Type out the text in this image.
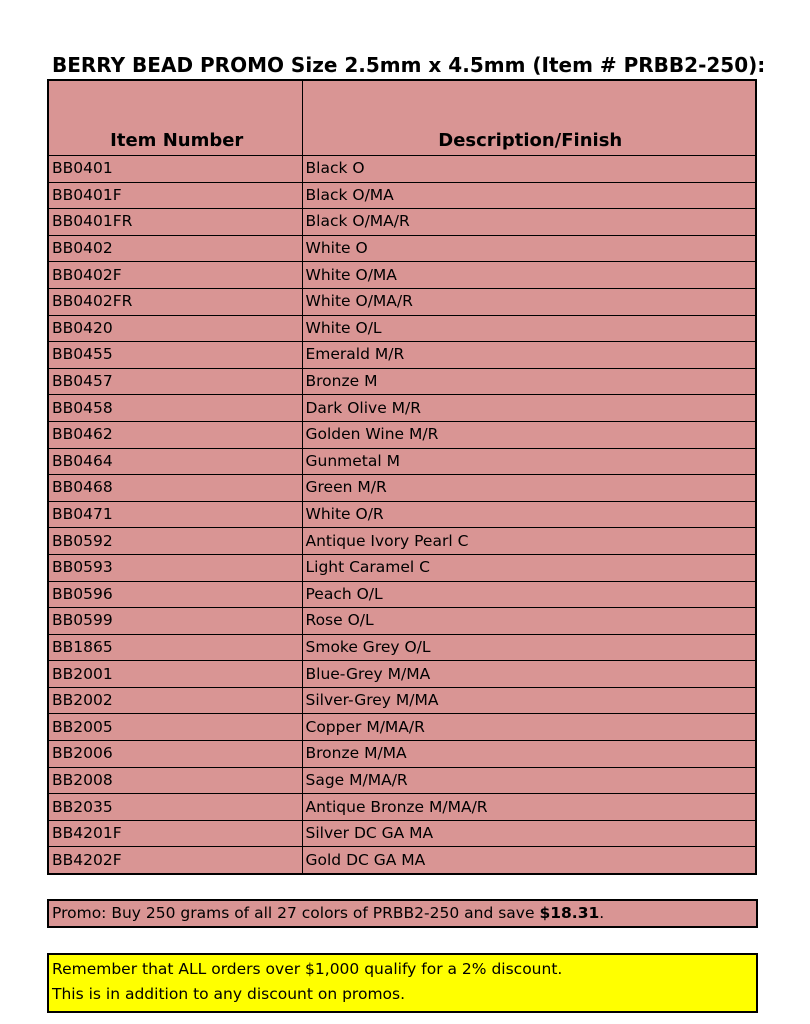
BERRY BEAD PROMO Size 2.5mm x 4.5mm (Item # PRBB2-250):
Item Number	Description/Finish
BB0401	Black O
BB0401F	Black O/MA
BB0401FR	Black O/MA/R
BB0402	White O
BB0402F	White O/MA
BB0402FR	White O/MA/R
BB0420	White O/L
BB0455	Emerald M/R
BB0457	Bronze M
BB0458	Dark Olive M/R
BB0462	Golden Wine M/R
BB0464	Gunmetal M
BB0468	Green M/R
BB0471	White O/R
BB0592	Antique Ivory Pearl C
BB0593	Light Caramel C
BB0596	Peach O/L
BB0599	Rose O/L
BB1865	Smoke Grey O/L
BB2001	Blue-Grey M/MA
BB2002	Silver-Grey M/MA
BB2005	Copper M/MA/R
BB2006	Bronze M/MA
BB2008	Sage M/MA/R
BB2035	Antique Bronze M/MA/R
BB4201F	Silver DC GA MA
BB4202F	Gold DC GA MA
Promo: Buy 250 grams of all 27 colors of PRBB2-250 and save $18.31.
Remember that ALL orders over $1,000 qualify for a 2% discount.
This is in addition to any discount on promos.
